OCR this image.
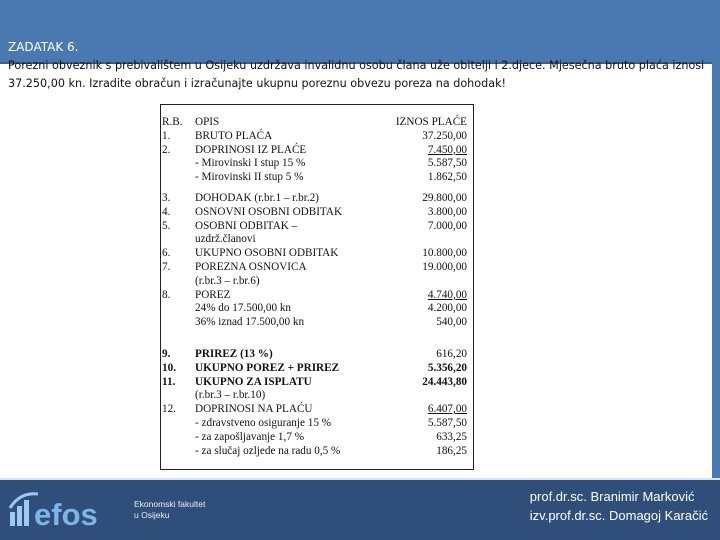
ZADATAK 6.
Porezni obveznik s prebivalištem u Osijeku uzdržava invalidnu osobu člana uže obitelji i 2.djece. Mjesečna bruto plaća iznosi
37.250,00 kn. Izradite obračun i izračunajte ukupnu poreznu obvezu poreza na dohodak!
R.B.	OPIS	IZNOS PLAĆE
1.	BRUTO PLAĆA	37.250,00
2.	DOPRINOSI IZ PLAĆE	7.450,00
- Mirovinski I stup 15 %	5.587,50
- Mirovinski II stup 5 %	1.862,50
3.	DOHODAK (r.br.1 – r.br.2)	29.800,00
4.	OSNOVNI OSOBNI ODBITAK	3.800,00
5.	OSOBNI ODBITAK –	7.000,00
uzdrž.članovi
6.	UKUPNO OSOBNI ODBITAK	10.800,00
7.	POREZNA OSNOVICA	19.000,00
(r.br.3 – r.br.6)
8.	POREZ	4.740,00
24% do 17.500,00 kn	4.200,00
36% iznad 17.500,00 kn	540,00
9.	PRIREZ (13 %)	616,20
10.	UKUPNO POREZ + PRIREZ	5.356,20
11.	UKUPNO ZA ISPLATU	24.443,80
(r.br.3 – r.br.10)
12.	DOPRINOSI NA PLAĆU	6.407,00
- zdravstveno osiguranje 15 %	5.587,50
- za zapošljavanje 1,7 %	633,25
- za slučaj ozljede na radu 0,5 %	186,25
efos	Ekonomski fakultet
u Osijeku
prof.dr.sc. Branimir Marković
izv.prof.dr.sc. Domagoj Karačić
